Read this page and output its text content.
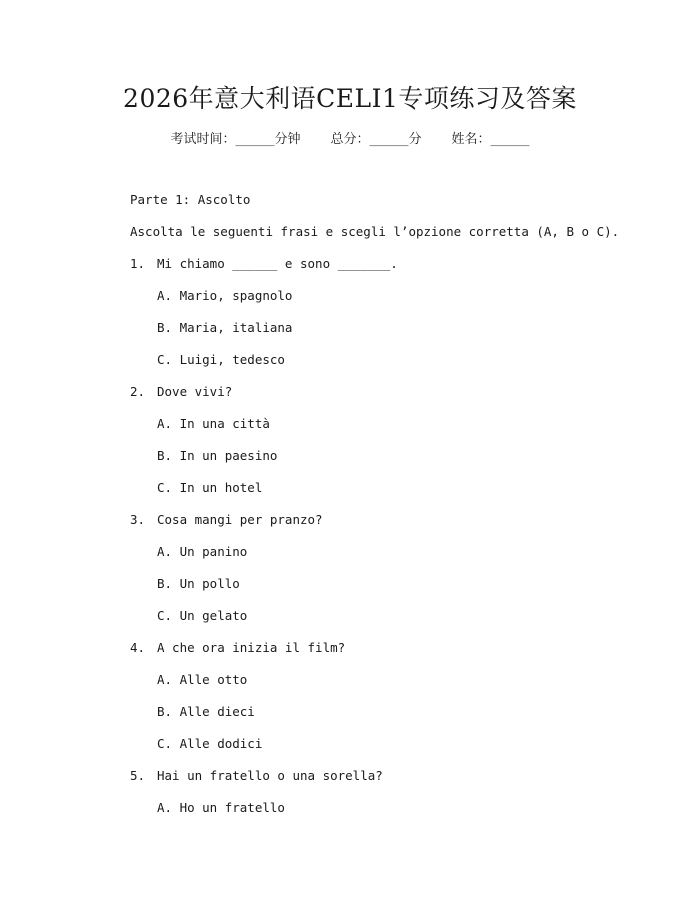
2026年意大利语CELI1专项练习及答案
考试时间：______分钟 总分：______分 姓名：______
Parte 1: Ascolto
Ascolta le seguenti frasi e scegli l’opzione corretta (A, B o C).
1. Mi chiamo ______ e sono _______.
A. Mario, spagnolo
B. Maria, italiana
C. Luigi, tedesco
2. Dove vivi?
A. In una città
B. In un paesino
C. In un hotel
3. Cosa mangi per pranzo?
A. Un panino
B. Un pollo
C. Un gelato
4. A che ora inizia il film?
A. Alle otto
B. Alle dieci
C. Alle dodici
5. Hai un fratello o una sorella?
A. Ho un fratello
